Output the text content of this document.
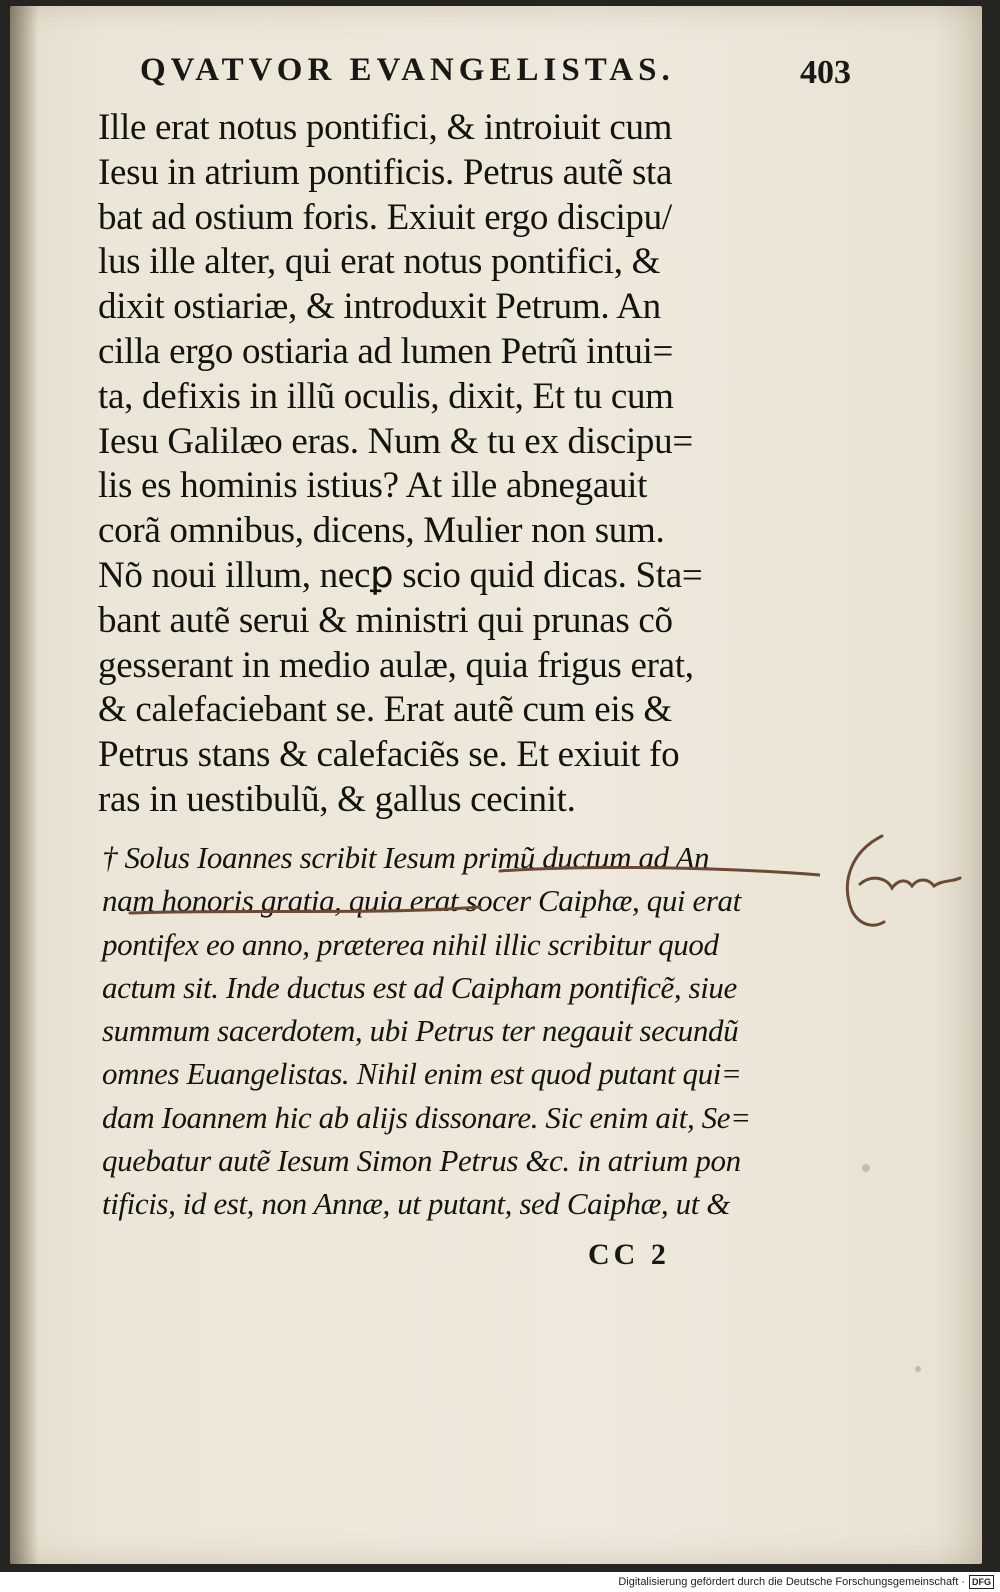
QVATVOR EVANGELISTAS.	403
Ille erat notus pontifici, & introiuit cum
Iesu in atrium pontificis. Petrus autẽ sta
bat ad ostium foris. Exiuit ergo discipu/
lus ille alter, qui erat notus pontifici, &
dixit ostiariæ, & introduxit Petrum. An
cilla ergo ostiaria ad lumen Petrũ intui=
ta, defixis in illũ oculis, dixit, Et tu cum
Iesu Galilæo eras. Num & tu ex discipu=
lis es hominis istius? At ille abnegauit
corã omnibus, dicens, Mulier non sum.
Nõ noui illum, necꝑ scio quid dicas. Sta=
bant autẽ serui & ministri qui prunas cõ
gesserant in medio aulæ, quia frigus erat,
& calefaciebant se. Erat autẽ cum eis &
Petrus stans & calefaciẽs se. Et exiuit fo
ras in uestibulũ, & gallus cecinit.
† Solus Ioannes scribit Iesum primũ ductum ad An
nam honoris gratia, quia erat socer Caiphæ, qui erat
pontifex eo anno, præterea nihil illic scribitur quod
actum sit. Inde ductus est ad Caipham pontificẽ, siue
summum sacerdotem, ubi Petrus ter negauit secundũ
omnes Euangelistas. Nihil enim est quod putant qui=
dam Ioannem hic ab alijs dissonare. Sic enim ait, Se=
quebatur autẽ Iesum Simon Petrus &c. in atrium pon
tificis, id est, non Annæ, ut putant, sed Caiphæ, ut &
CC 2
Digitalisierung gefördert durch die Deutsche Forschungsgemeinschaft · DFG
